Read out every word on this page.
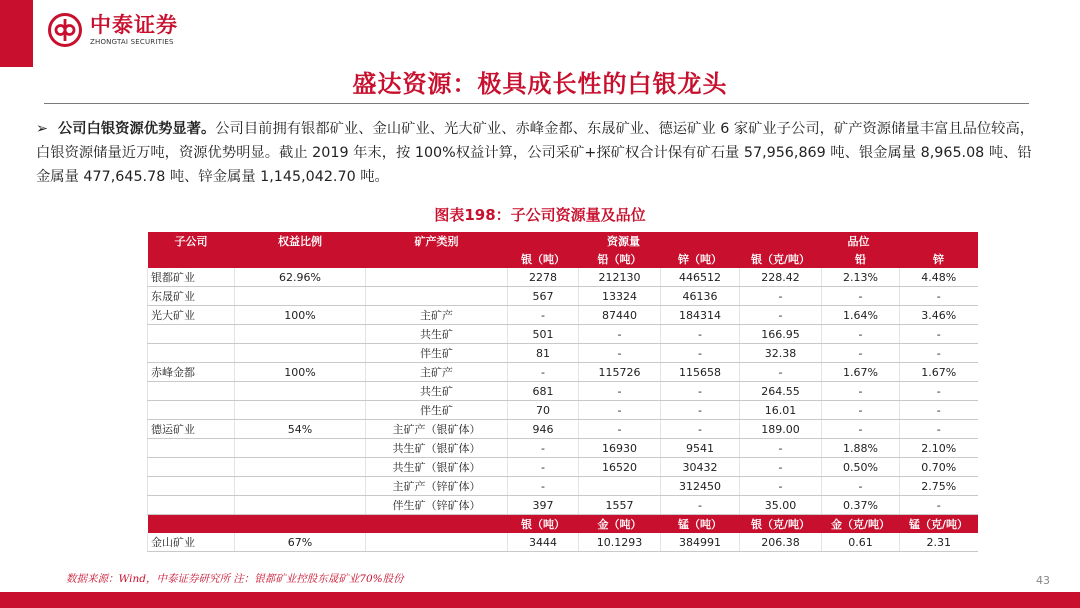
中泰证券
ZHONGTAI SECURITIES
盛达资源：极具成长性的白银龙头
➢ 公司白银资源优势显著。公司目前拥有银都矿业、金山矿业、光大矿业、赤峰金都、东晟矿业、德运矿业 6 家矿业子公司，矿产资源储量丰富且品位较高，白银资源储量近万吨，资源优势明显。截止 2019 年末，按 100%权益计算，公司采矿+探矿权合计保有矿石量 57,956,869 吨、银金属量 8,965.08 吨、铅金属量 477,645.78 吨、锌金属量 1,145,042.70 吨。
图表198：子公司资源量及品位
子公司	权益比例	矿产类别	资源量			品位		
			银（吨）	铅（吨）	锌（吨）	银（克/吨）	铅	锌
银都矿业	62.96%		2278	212130	446512	228.42	2.13%	4.48%
东晟矿业			567	13324	46136	-	-	-
光大矿业	100%	主矿产	-	87440	184314	-	1.64%	3.46%
		共生矿	501	-	-	166.95	-	-
		伴生矿	81	-	-	32.38	-	-
赤峰金都	100%	主矿产	-	115726	115658	-	1.67%	1.67%
		共生矿	681	-	-	264.55	-	-
		伴生矿	70	-	-	16.01	-	-
德运矿业	54%	主矿产（银矿体）	946	-	-	189.00	-	-
		共生矿（银矿体）	-	16930	9541	-	1.88%	2.10%
		共生矿（银矿体）	-	16520	30432	-	0.50%	0.70%
		主矿产（锌矿体）	-		312450	-	-	2.75%
		伴生矿（锌矿体）	397	1557	-	35.00	0.37%	-
			银（吨）	金（吨）	锰（吨）	银（克/吨）	金（克/吨）	锰（克/吨）
金山矿业	67%		3444	10.1293	384991	206.38	0.61	2.31
数据来源：Wind，中泰证券研究所 注：银都矿业控股东晟矿业70%股份	43
